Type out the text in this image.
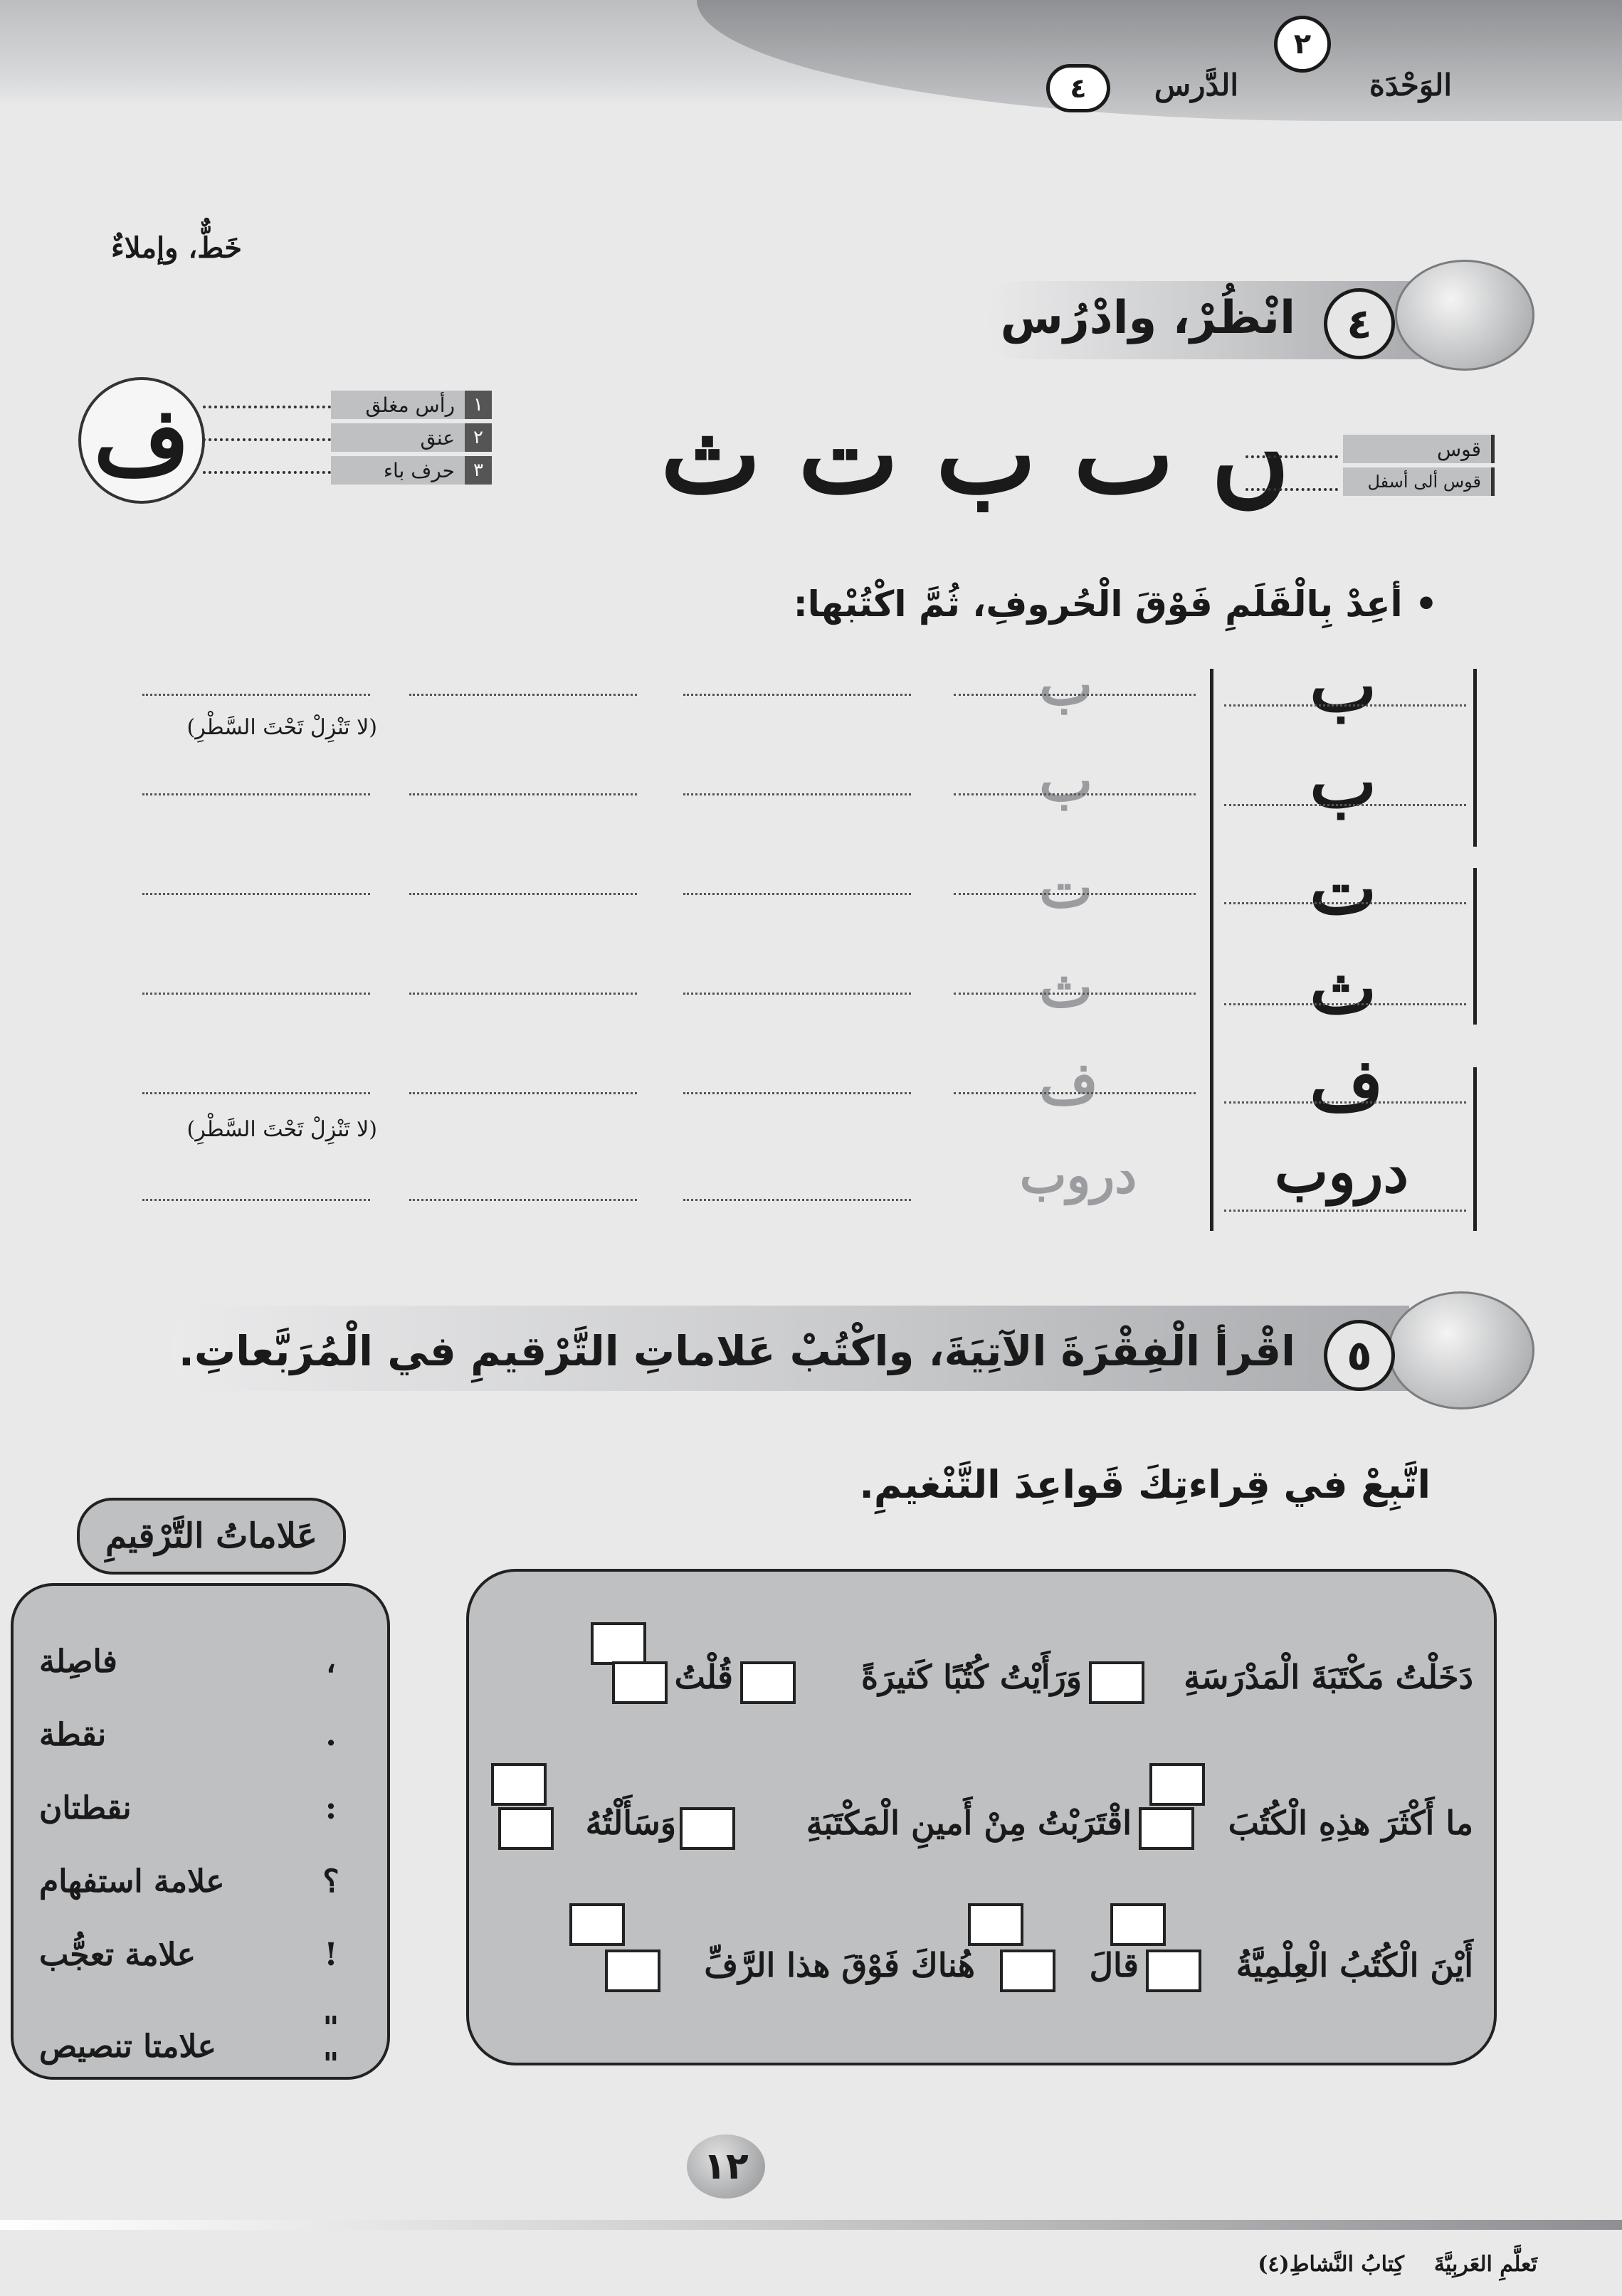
٢
الوَحْدَة
الدَّرس
٤
خَطٌّ، وإملاءٌ
٤
انْظُرْ، وادْرُس
ں ٮ ب ت ث	قوس
قوس ألى أسفل
١
رأس مغلق
٢
عنق
٣
حرف باء
ف
• أعِدْ بِالْقَلَمِ فَوْقَ الْحُروفِ، ثُمَّ اكْتُبْها:
ب
ب
ب
ب
ت
ت
ث
ث
ف
ف
دروب
دروب
(لا تَنْزِلْ تَحْتَ السَّطْرِ)
(لا تَنْزِلْ تَحْتَ السَّطْرِ)
٥
اقْرأ الْفِقْرَةَ الآتِيَةَ، واكْتُبْ عَلاماتِ التَّرْقيمِ في الْمُرَبَّعاتِ.
اتَّبِعْ في قِراءتِكَ قَواعِدَ التَّنْغيمِ.
دَخَلْتُ مَكْتَبَةَ الْمَدْرَسَةِ
وَرَأَيْتُ كُتُبًا كَثيرَةً
قُلْتُ
ما أَكْثَرَ هذِهِ الْكُتُبَ
اقْتَرَبْتُ مِنْ أَمينِ الْمَكْتَبَةِ
وَسَأَلْتُهُ
أَيْنَ الْكُتُبُ الْعِلْمِيَّةُ
قالَ
هُناكَ فَوْقَ هذا الرَّفِّ
عَلاماتُ التَّرْقيمِ
،
فاصِلة
.
نقطة
:
نقطتان
؟
علامة استفهام
!
علامة تعجُّب
" "
علامتا تنصيص
١٢
تَعلَّمِ العَربِيَّةَ    كِتابُ النَّشاطِ(٤)
